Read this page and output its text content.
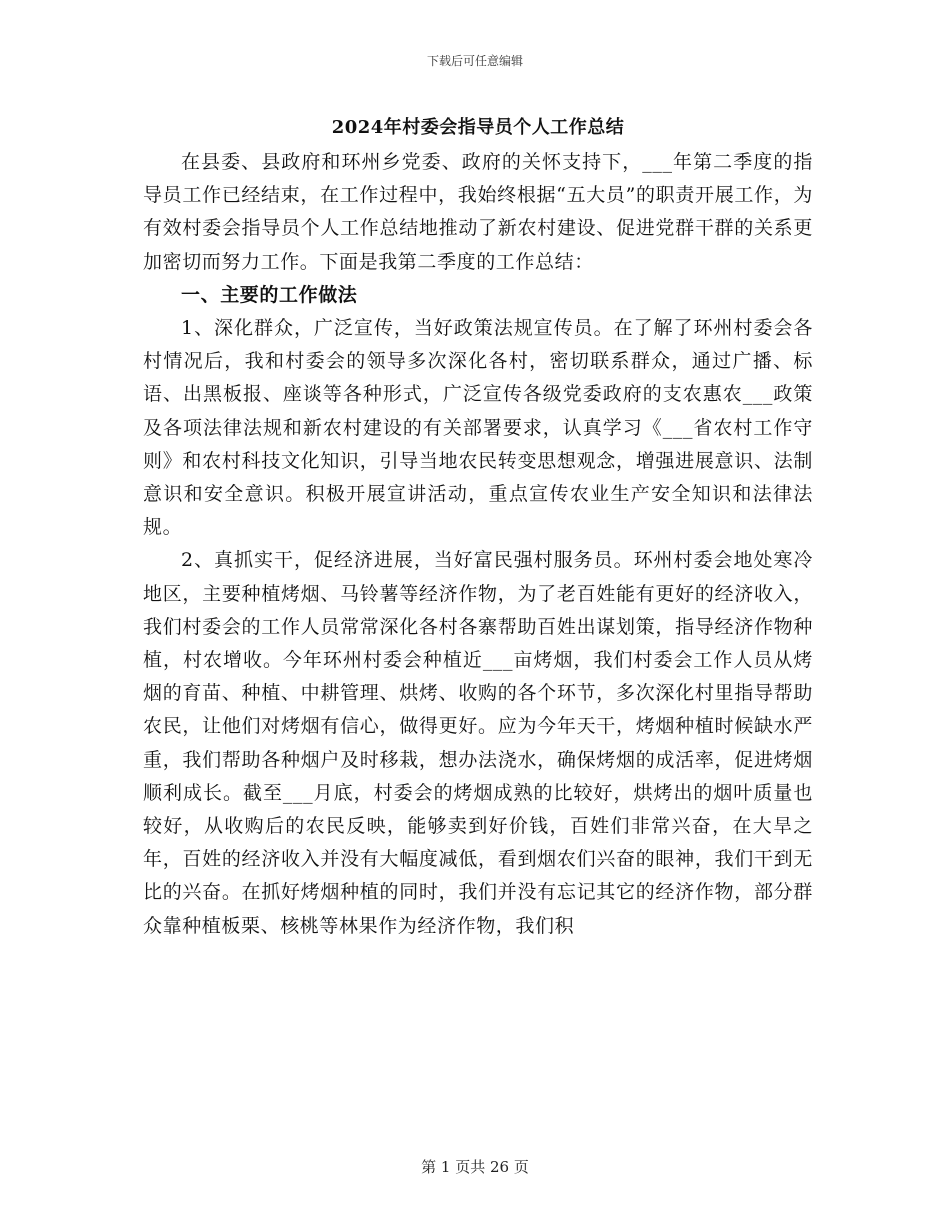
下载后可任意编辑
2024年村委会指导员个人工作总结

在县委、县政府和环州乡党委、政府的关怀支持下，___年第二季度的指导员工作已经结束，在工作过程中，我始终根据“五大员”的职责开展工作，为有效村委会指导员个人工作总结地推动了新农村建设、促进党群干群的关系更加密切而努力工作。下面是我第二季度的工作总结：

一、主要的工作做法

1、深化群众，广泛宣传，当好政策法规宣传员。在了解了环州村委会各村情况后，我和村委会的领导多次深化各村，密切联系群众，通过广播、标语、出黑板报、座谈等各种形式，广泛宣传各级党委政府的支农惠农___政策及各项法律法规和新农村建设的有关部署要求，认真学习《___省农村工作守则》和农村科技文化知识，引导当地农民转变思想观念，增强进展意识、法制意识和安全意识。积极开展宣讲活动，重点宣传农业生产安全知识和法律法规。

2、真抓实干，促经济进展，当好富民强村服务员。环州村委会地处寒冷地区，主要种植烤烟、马铃薯等经济作物，为了老百姓能有更好的经济收入，我们村委会的工作人员常常深化各村各寨帮助百姓出谋划策，指导经济作物种植，村农增收。今年环州村委会种植近___亩烤烟，我们村委会工作人员从烤烟的育苗、种植、中耕管理、烘烤、收购的各个环节，多次深化村里指导帮助农民，让他们对烤烟有信心，做得更好。应为今年天干，烤烟种植时候缺水严重，我们帮助各种烟户及时移栽，想办法浇水，确保烤烟的成活率，促进烤烟顺利成长。截至___月底，村委会的烤烟成熟的比较好，烘烤出的烟叶质量也较好，从收购后的农民反映，能够卖到好价钱，百姓们非常兴奋，在大旱之年，百姓的经济收入并没有大幅度减低，看到烟农们兴奋的眼神，我们干到无比的兴奋。在抓好烤烟种植的同时，我们并没有忘记其它的经济作物，部分群众靠种植板栗、核桃等林果作为经济作物，我们积

第 1 页共 26 页
